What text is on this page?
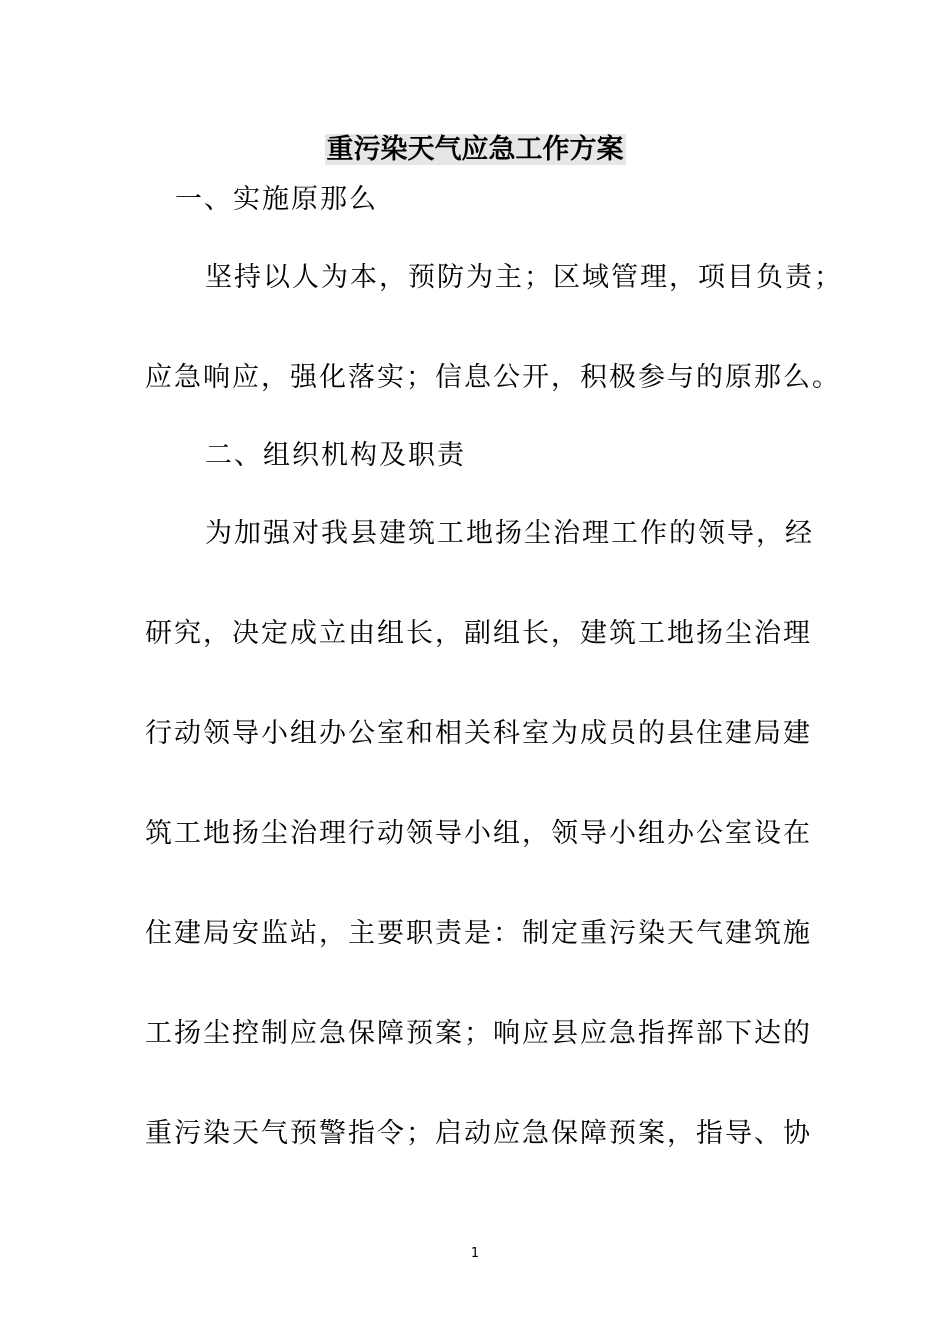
重污染天气应急工作方案
一、实施原那么
坚持以人为本，预防为主；区域管理，项目负责；
应急响应，强化落实；信息公开，积极参与的原那么。
二、组织机构及职责
为加强对我县建筑工地扬尘治理工作的领导，经
研究，决定成立由组长，副组长，建筑工地扬尘治理
行动领导小组办公室和相关科室为成员的县住建局建
筑工地扬尘治理行动领导小组，领导小组办公室设在
住建局安监站，主要职责是：制定重污染天气建筑施
工扬尘控制应急保障预案；响应县应急指挥部下达的
重污染天气预警指令；启动应急保障预案，指导、协
1
